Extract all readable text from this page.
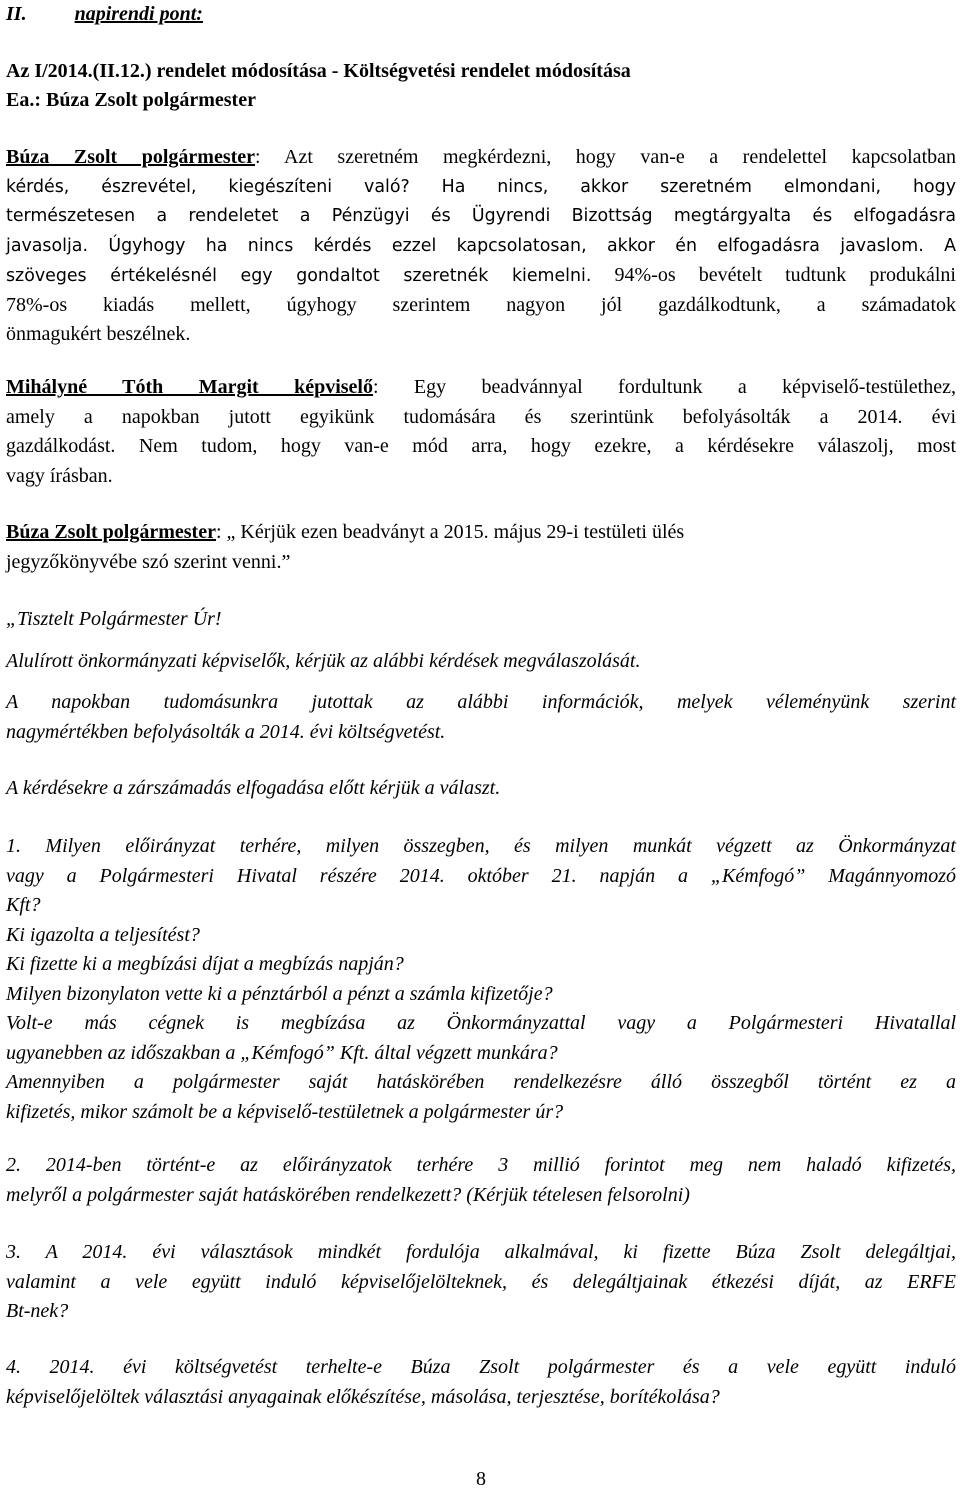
II. napirendi pont:
Az I/2014.(II.12.) rendelet módosítása - Költségvetési rendelet módosítása
Ea.: Búza Zsolt polgármester
Búza Zsolt polgármester: Azt szeretném megkérdezni, hogy van-e a rendelettel kapcsolatban
kérdés, észrevétel, kiegészíteni való? Ha nincs, akkor szeretném elmondani, hogy
természetesen a rendeletet a Pénzügyi és Ügyrendi Bizottság megtárgyalta és elfogadásra
javasolja. Úgyhogy ha nincs kérdés ezzel kapcsolatosan, akkor én elfogadásra javaslom. A
szöveges értékelésnél egy gondaltot szeretnék kiemelni. 94%-os bevételt tudtunk produkálni
78%-os kiadás mellett, úgyhogy szerintem nagyon jól gazdálkodtunk, a számadatok
önmagukért beszélnek.
Mihályné Tóth Margit képviselő: Egy beadvánnyal fordultunk a képviselő-testülethez,
amely a napokban jutott egyikünk tudomására és szerintünk befolyásolták a 2014. évi
gazdálkodást. Nem tudom, hogy van-e mód arra, hogy ezekre, a kérdésekre válaszolj, most
vagy írásban.
Búza Zsolt polgármester: „ Kérjük ezen beadványt a 2015. május 29-i testületi ülés
jegyzőkönyvébe szó szerint venni.”
„Tisztelt Polgármester Úr!
Alulírott önkormányzati képviselők, kérjük az alábbi kérdések megválaszolását.
A napokban tudomásunkra jutottak az alábbi információk, melyek véleményünk szerint
nagymértékben befolyásolták a 2014. évi költségvetést.
A kérdésekre a zárszámadás elfogadása előtt kérjük a választ.
1. Milyen előirányzat terhére, milyen összegben, és milyen munkát végzett az Önkormányzat
vagy a Polgármesteri Hivatal részére 2014. október 21. napján a „Kémfogó” Magánnyomozó
Kft?
Ki igazolta a teljesítést?
Ki fizette ki a megbízási díjat a megbízás napján?
Milyen bizonylaton vette ki a pénztárból a pénzt a számla kifizetője?
Volt-e más cégnek is megbízása az Önkormányzattal vagy a Polgármesteri Hivatallal
ugyanebben az időszakban a „Kémfogó” Kft. által végzett munkára?
Amennyiben a polgármester saját hatáskörében rendelkezésre álló összegből történt ez a
kifizetés, mikor számolt be a képviselő-testületnek a polgármester úr?
2. 2014-ben történt-e az előirányzatok terhére 3 millió forintot meg nem haladó kifizetés,
melyről a polgármester saját hatáskörében rendelkezett? (Kérjük tételesen felsorolni)
3. A 2014. évi választások mindkét fordulója alkalmával, ki fizette Búza Zsolt delegáltjai,
valamint a vele együtt induló képviselőjelölteknek, és delegáltjainak étkezési díját, az ERFE
Bt-nek?
4. 2014. évi költségvetést terhelte-e Búza Zsolt polgármester és a vele együtt induló
képviselőjelöltek választási anyagainak előkészítése, másolása, terjesztése, borítékolása?
8
